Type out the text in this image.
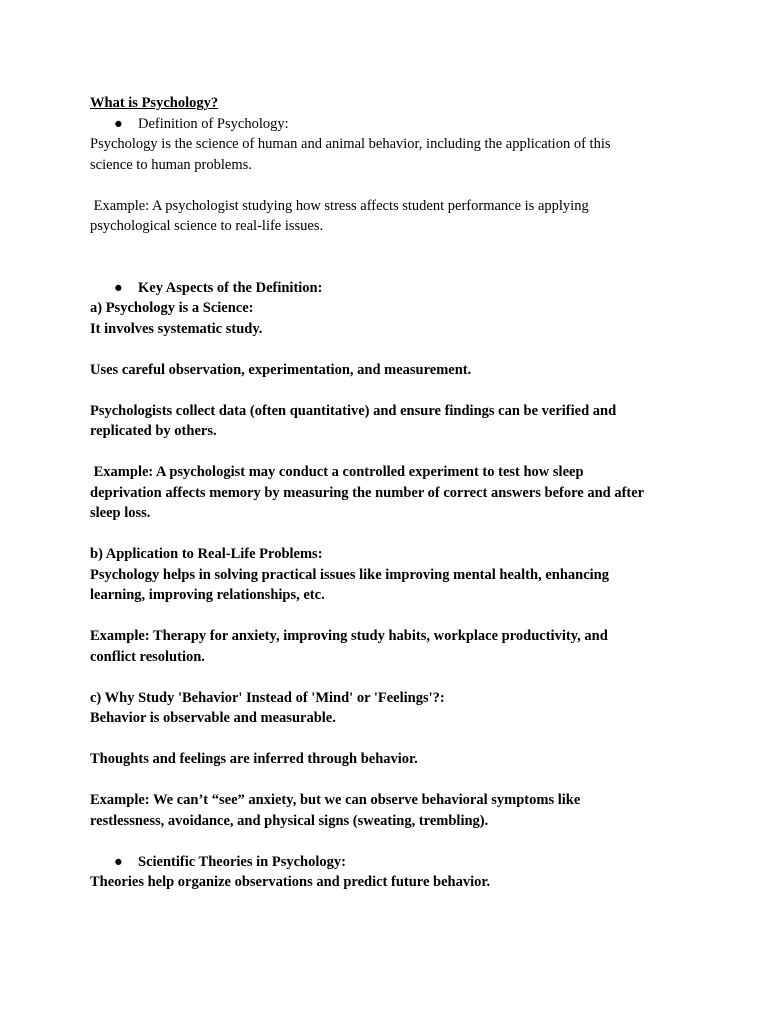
What is Psychology?
● Definition of Psychology:
Psychology is the science of human and animal behavior, including the application of this
science to human problems.
Example: A psychologist studying how stress affects student performance is applying
psychological science to real-life issues.
● Key Aspects of the Definition:
a) Psychology is a Science:
It involves systematic study.
Uses careful observation, experimentation, and measurement.
Psychologists collect data (often quantitative) and ensure findings can be verified and
replicated by others.
Example: A psychologist may conduct a controlled experiment to test how sleep
deprivation affects memory by measuring the number of correct answers before and after
sleep loss.
b) Application to Real-Life Problems:
Psychology helps in solving practical issues like improving mental health, enhancing
learning, improving relationships, etc.
Example: Therapy for anxiety, improving study habits, workplace productivity, and
conflict resolution.
c) Why Study 'Behavior' Instead of 'Mind' or 'Feelings'?:
Behavior is observable and measurable.
Thoughts and feelings are inferred through behavior.
Example: We can’t “see” anxiety, but we can observe behavioral symptoms like
restlessness, avoidance, and physical signs (sweating, trembling).
● Scientific Theories in Psychology:
Theories help organize observations and predict future behavior.
